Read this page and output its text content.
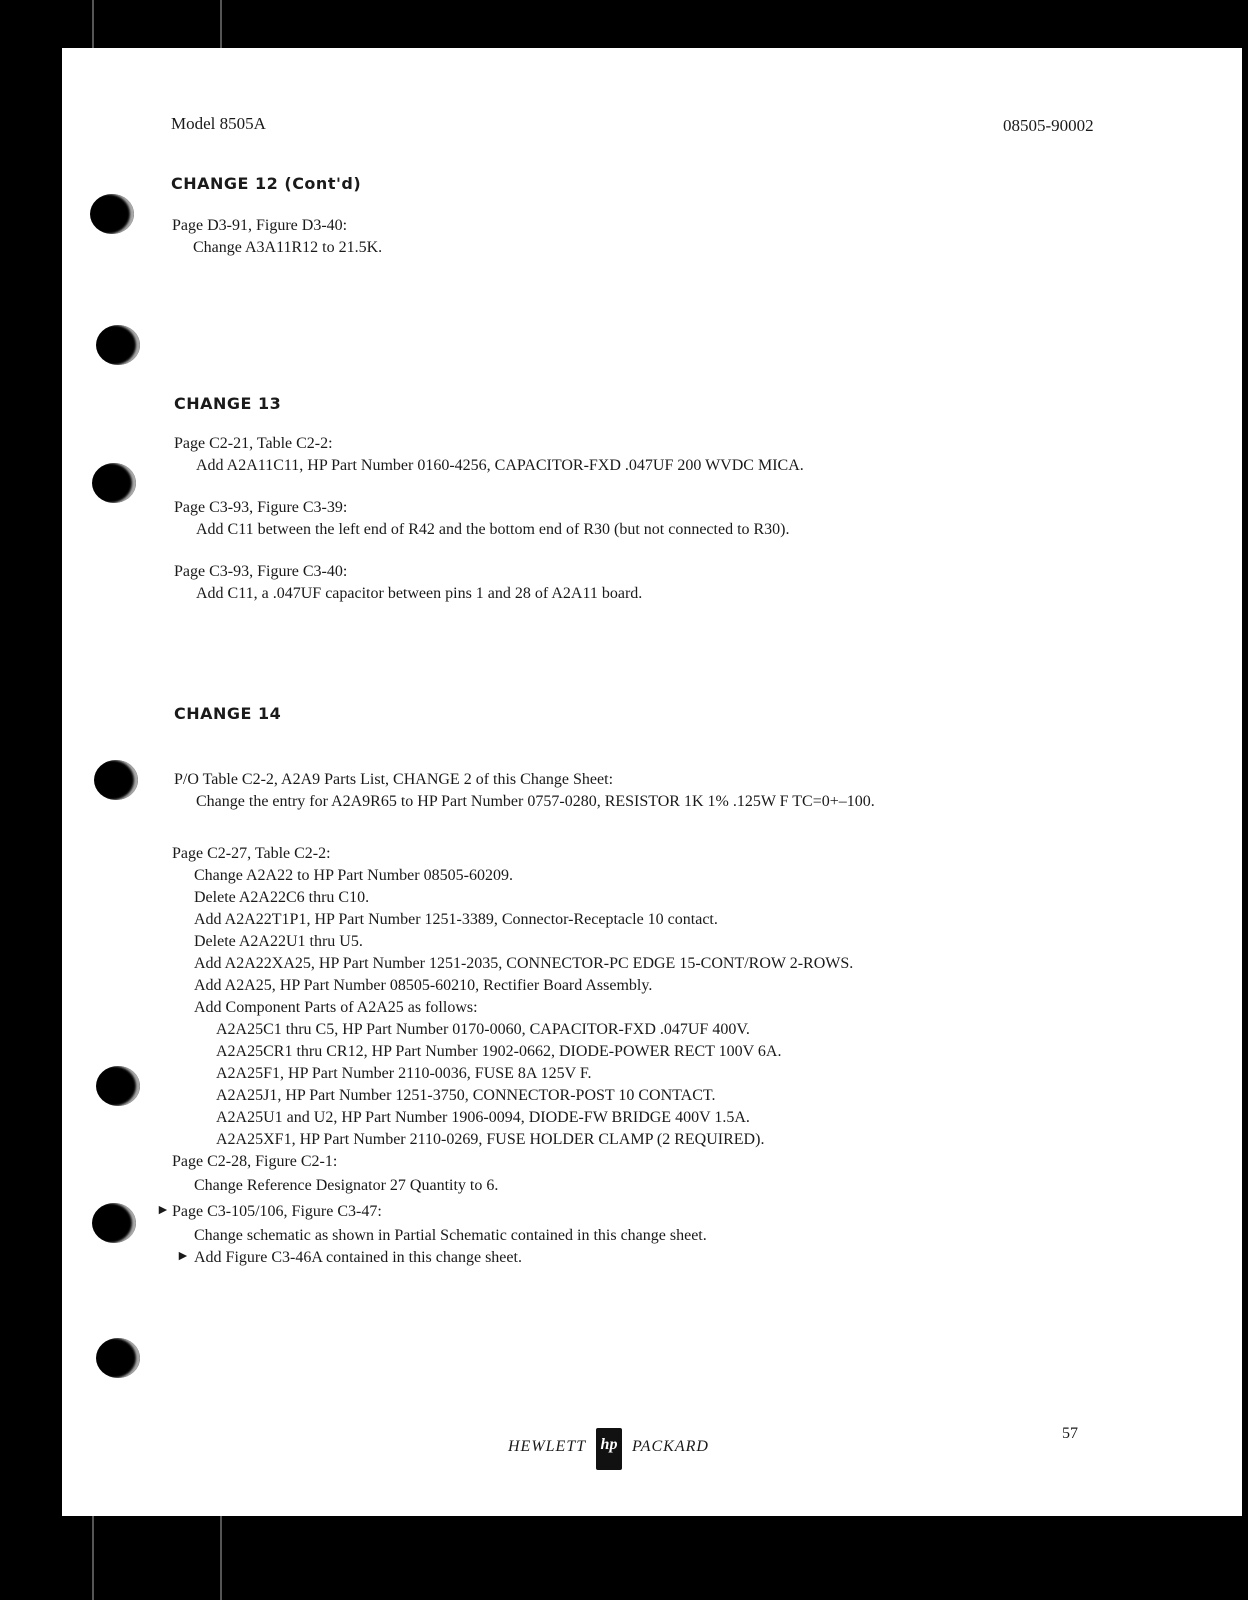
Model 8505A	08505-90002
CHANGE 12 (Cont'd)
Page D3-91, Figure D3-40:
Change A3A11R12 to 21.5K.
CHANGE 13
Page C2-21, Table C2-2:
Add A2A11C11, HP Part Number 0160-4256, CAPACITOR-FXD .047UF 200 WVDC MICA.
Page C3-93, Figure C3-39:
Add C11 between the left end of R42 and the bottom end of R30 (but not connected to R30).
Page C3-93, Figure C3-40:
Add C11, a .047UF capacitor between pins 1 and 28 of A2A11 board.
CHANGE 14
P/O Table C2-2, A2A9 Parts List, CHANGE 2 of this Change Sheet:
Change the entry for A2A9R65 to HP Part Number 0757-0280, RESISTOR 1K 1% .125W F TC=0+–100.
Page C2-27, Table C2-2:
Change A2A22 to HP Part Number 08505-60209.
Delete A2A22C6 thru C10.
Add A2A22T1P1, HP Part Number 1251-3389, Connector-Receptacle 10 contact.
Delete A2A22U1 thru U5.
Add A2A22XA25, HP Part Number 1251-2035, CONNECTOR-PC EDGE 15-CONT/ROW 2-ROWS.
Add A2A25, HP Part Number 08505-60210, Rectifier Board Assembly.
Add Component Parts of A2A25 as follows:
A2A25C1 thru C5, HP Part Number 0170-0060, CAPACITOR-FXD .047UF 400V.
A2A25CR1 thru CR12, HP Part Number 1902-0662, DIODE-POWER RECT 100V 6A.
A2A25F1, HP Part Number 2110-0036, FUSE 8A 125V F.
A2A25J1, HP Part Number 1251-3750, CONNECTOR-POST 10 CONTACT.
A2A25U1 and U2, HP Part Number 1906-0094, DIODE-FW BRIDGE 400V 1.5A.
A2A25XF1, HP Part Number 2110-0269, FUSE HOLDER CLAMP (2 REQUIRED).
Page C2-28, Figure C2-1:
Change Reference Designator 27 Quantity to 6.
► Page C3-105/106, Figure C3-47:
Change schematic as shown in Partial Schematic contained in this change sheet.
► Add Figure C3-46A contained in this change sheet.
HEWLETT hp PACKARD
57
